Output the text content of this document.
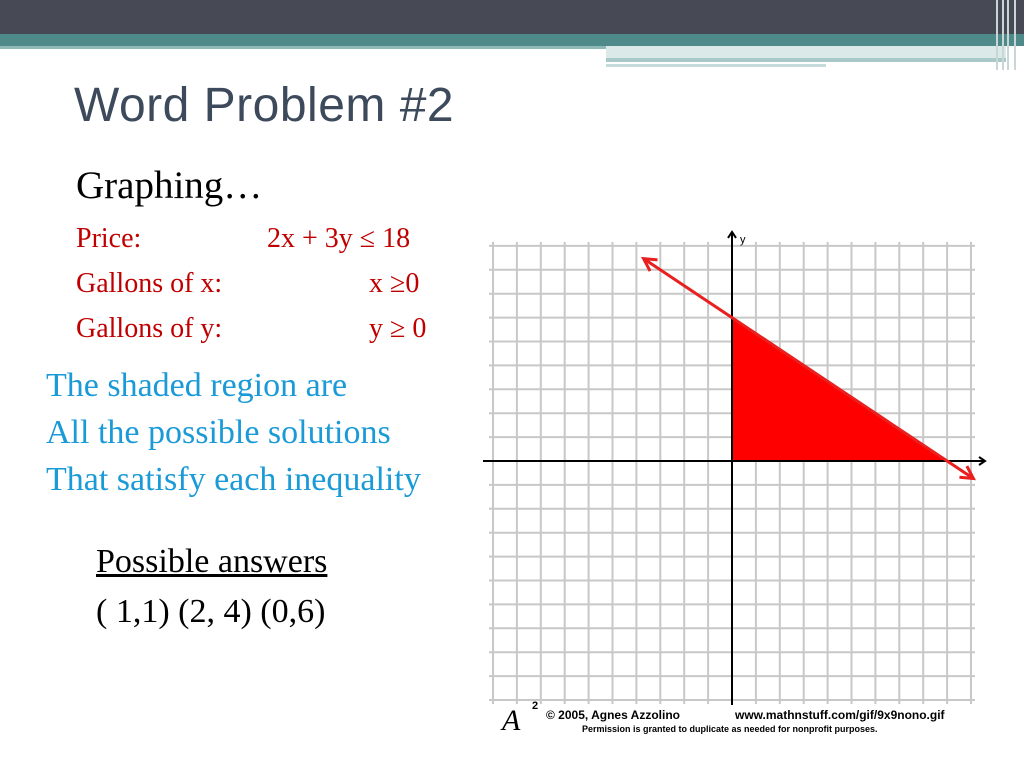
Word Problem #2
Graphing…
Price:	2x + 3y ≤ 18
Gallons of x:	x ≥0
Gallons of y:	y ≥ 0
The shaded region are
All the possible solutions
That satisfy each inequality
Possible answers
( 1,1) (2, 4) (0,6)
y
A 2
© 2005, Agnes Azzolino	www.mathnstuff.com/gif/9x9nono.gif
Permission is granted to duplicate as needed for nonprofit purposes.
